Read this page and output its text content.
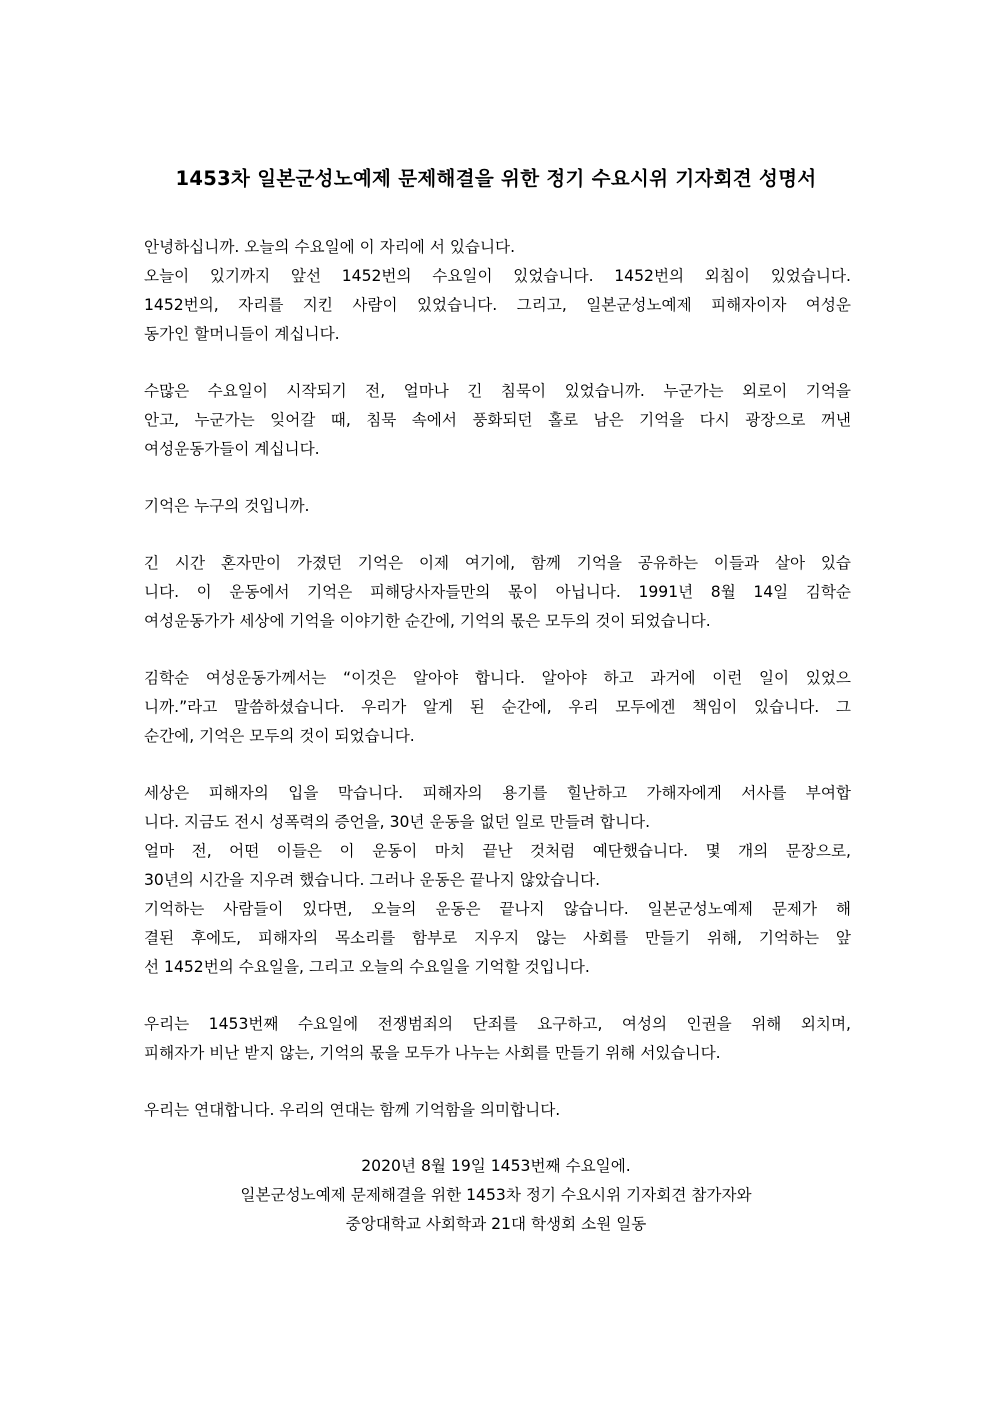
1453차 일본군성노예제 문제해결을 위한 정기 수요시위 기자회견 성명서
안녕하십니까. 오늘의 수요일에 이 자리에 서 있습니다.
오늘이 있기까지 앞선 1452번의 수요일이 있었습니다. 1452번의 외침이 있었습니다.
1452번의, 자리를 지킨 사람이 있었습니다. 그리고, 일본군성노예제 피해자이자 여성운
동가인 할머니들이 계십니다.
수많은 수요일이 시작되기 전, 얼마나 긴 침묵이 있었습니까. 누군가는 외로이 기억을
안고, 누군가는 잊어갈 때, 침묵 속에서 풍화되던 홀로 남은 기억을 다시 광장으로 꺼낸
여성운동가들이 계십니다.
기억은 누구의 것입니까.
긴 시간 혼자만이 가졌던 기억은 이제 여기에, 함께 기억을 공유하는 이들과 살아 있습
니다. 이 운동에서 기억은 피해당사자들만의 몫이 아닙니다. 1991년 8월 14일 김학순
여성운동가가 세상에 기억을 이야기한 순간에, 기억의 몫은 모두의 것이 되었습니다.
김학순 여성운동가께서는 “이것은 알아야 합니다. 알아야 하고 과거에 이런 일이 있었으
니까.”라고 말씀하셨습니다. 우리가 알게 된 순간에, 우리 모두에겐 책임이 있습니다. 그
순간에, 기억은 모두의 것이 되었습니다.
세상은 피해자의 입을 막습니다. 피해자의 용기를 힐난하고 가해자에게 서사를 부여합
니다. 지금도 전시 성폭력의 증언을, 30년 운동을 없던 일로 만들려 합니다.
얼마 전, 어떤 이들은 이 운동이 마치 끝난 것처럼 예단했습니다. 몇 개의 문장으로,
30년의 시간을 지우려 했습니다. 그러나 운동은 끝나지 않았습니다.
기억하는 사람들이 있다면, 오늘의 운동은 끝나지 않습니다. 일본군성노예제 문제가 해
결된 후에도, 피해자의 목소리를 함부로 지우지 않는 사회를 만들기 위해, 기억하는 앞
선 1452번의 수요일을, 그리고 오늘의 수요일을 기억할 것입니다.
우리는 1453번째 수요일에 전쟁범죄의 단죄를 요구하고, 여성의 인권을 위해 외치며,
피해자가 비난 받지 않는, 기억의 몫을 모두가 나누는 사회를 만들기 위해 서있습니다.
우리는 연대합니다. 우리의 연대는 함께 기억함을 의미합니다.
2020년 8월 19일 1453번째 수요일에.
일본군성노예제 문제해결을 위한 1453차 정기 수요시위 기자회견 참가자와
중앙대학교 사회학과 21대 학생회 소원 일동
